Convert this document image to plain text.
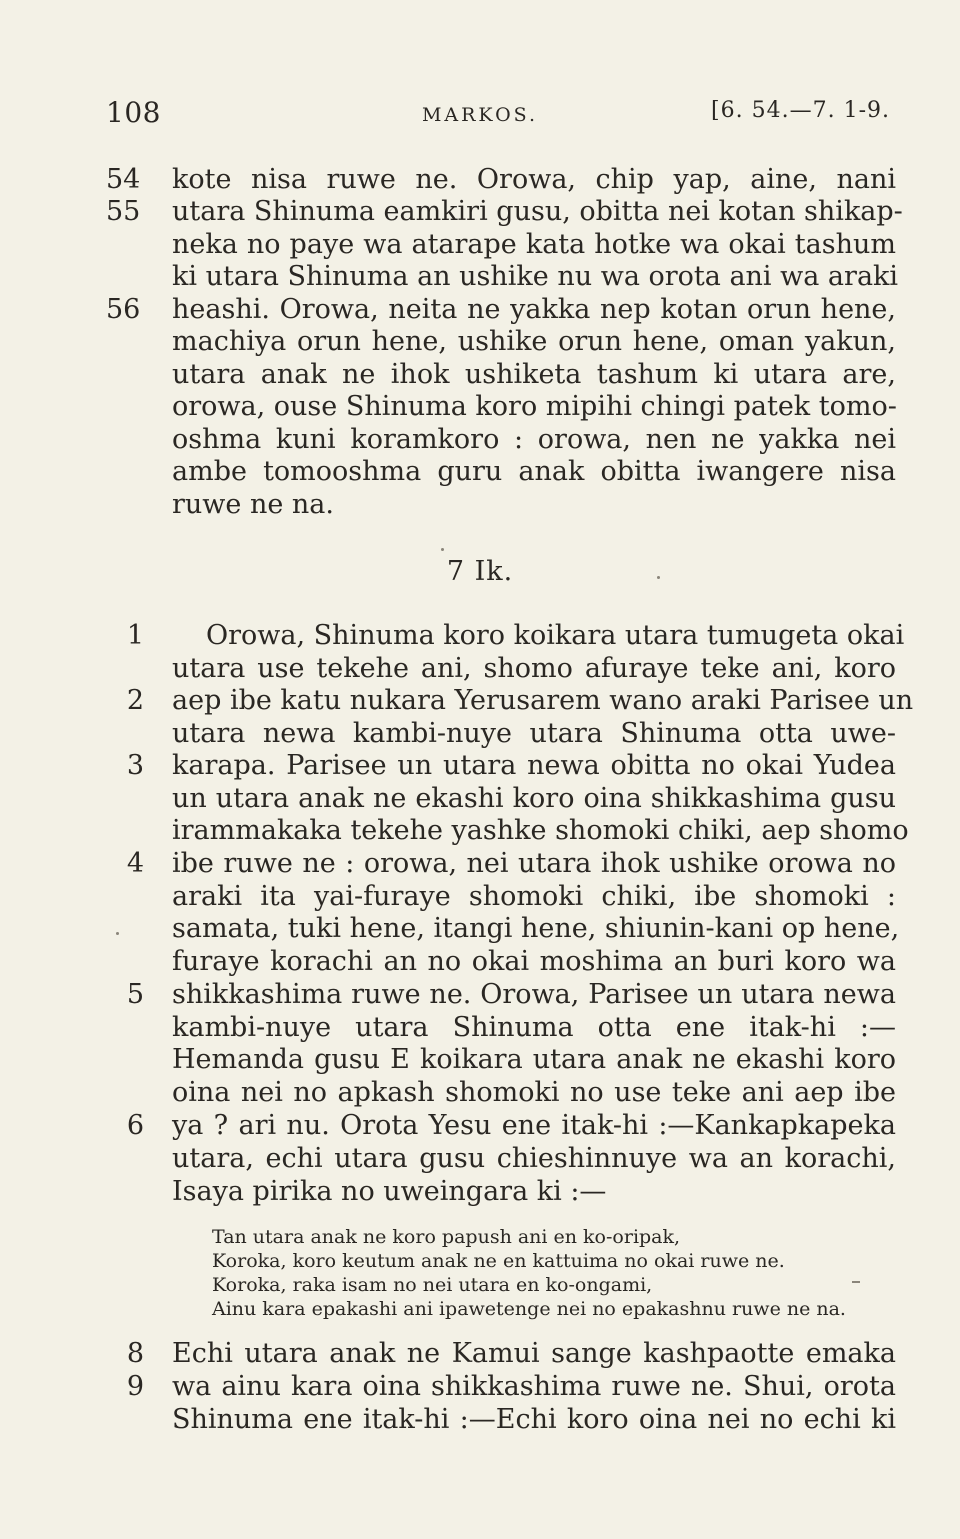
108	MARKOS.	[6. 54.—7. 1-9.
54
55
56
kote nisa ruwe ne. Orowa, chip yap, aine, nani
utara Shinuma eamkiri gusu, obitta nei kotan shikap-
neka no paye wa atarape kata hotke wa okai tashum
ki utara Shinuma an ushike nu wa orota ani wa araki
heashi. Orowa, neita ne yakka nep kotan orun hene,
machiya orun hene, ushike orun hene, oman yakun,
utara anak ne ihok ushiketa tashum ki utara are,
orowa, ouse Shinuma koro mipihi chingi patek tomo-
oshma kuni koramkoro : orowa, nen ne yakka nei
ambe tomooshma guru anak obitta iwangere nisa
ruwe ne na.
7 Ik.
1
2
3
4
5
6
Orowa, Shinuma koro koikara utara tumugeta okai
utara use tekehe ani, shomo afuraye teke ani, koro
aep ibe katu nukara Yerusarem wano araki Parisee un
utara newa kambi-nuye utara Shinuma otta uwe-
karapa. Parisee un utara newa obitta no okai Yudea
un utara anak ne ekashi koro oina shikkashima gusu
irammakaka tekehe yashke shomoki chiki, aep shomo
ibe ruwe ne : orowa, nei utara ihok ushike orowa no
araki ita yai-furaye shomoki chiki, ibe shomoki :
samata, tuki hene, itangi hene, shiunin-kani op hene,
furaye korachi an no okai moshima an buri koro wa
shikkashima ruwe ne. Orowa, Parisee un utara newa
kambi-nuye utara Shinuma otta ene itak-hi :—
Hemanda gusu E koikara utara anak ne ekashi koro
oina nei no apkash shomoki no use teke ani aep ibe
ya ? ari nu. Orota Yesu ene itak-hi :—Kankapkapeka
utara, echi utara gusu chieshinnuye wa an korachi,
Isaya pirika no uweingara ki :—
Tan utara anak ne koro papush ani en ko-oripak,
Koroka, koro keutum anak ne en kattuima no okai ruwe ne.
Koroka, raka isam no nei utara en ko-ongami,
Ainu kara epakashi ani ipawetenge nei no epakashnu ruwe ne na.
8
9
Echi utara anak ne Kamui sange kashpaotte emaka
wa ainu kara oina shikkashima ruwe ne. Shui, orota
Shinuma ene itak-hi :—Echi koro oina nei no echi ki
